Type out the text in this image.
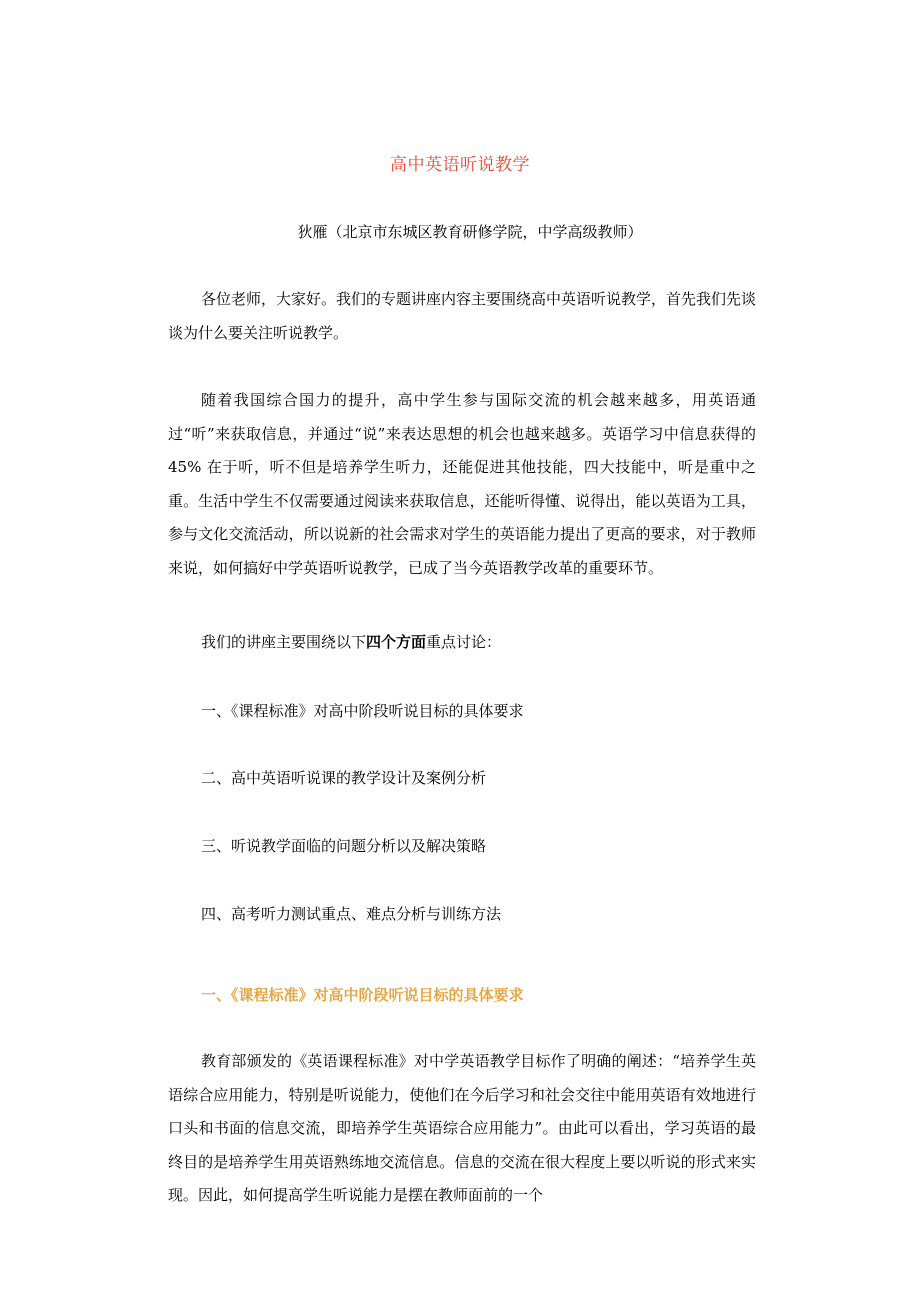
高中英语听说教学
狄雁（北京市东城区教育研修学院，中学高级教师）

各位老师，大家好。我们的专题讲座内容主要围绕高中英语听说教学，首先我们先谈谈为什么要关注听说教学。

随着我国综合国力的提升，高中学生参与国际交流的机会越来越多，用英语通过“听”来获取信息，并通过“说”来表达思想的机会也越来越多。英语学习中信息获得的 45% 在于听，听不但是培养学生听力，还能促进其他技能，四大技能中，听是重中之重。生活中学生不仅需要通过阅读来获取信息，还能听得懂、说得出，能以英语为工具，参与文化交流活动，所以说新的社会需求对学生的英语能力提出了更高的要求，对于教师来说，如何搞好中学英语听说教学，已成了当今英语教学改革的重要环节。

我们的讲座主要围绕以下四个方面重点讨论：

一、《课程标准》对高中阶段听说目标的具体要求

二、高中英语听说课的教学设计及案例分析

三、听说教学面临的问题分析以及解决策略

四、高考听力测试重点、难点分析与训练方法

一、《课程标准》对高中阶段听说目标的具体要求

教育部颁发的《英语课程标准》对中学英语教学目标作了明确的阐述：“培养学生英语综合应用能力，特别是听说能力，使他们在今后学习和社会交往中能用英语有效地进行口头和书面的信息交流，即培养学生英语综合应用能力”。由此可以看出，学习英语的最终目的是培养学生用英语熟练地交流信息。信息的交流在很大程度上要以听说的形式来实现。因此，如何提高学生听说能力是摆在教师面前的一个
